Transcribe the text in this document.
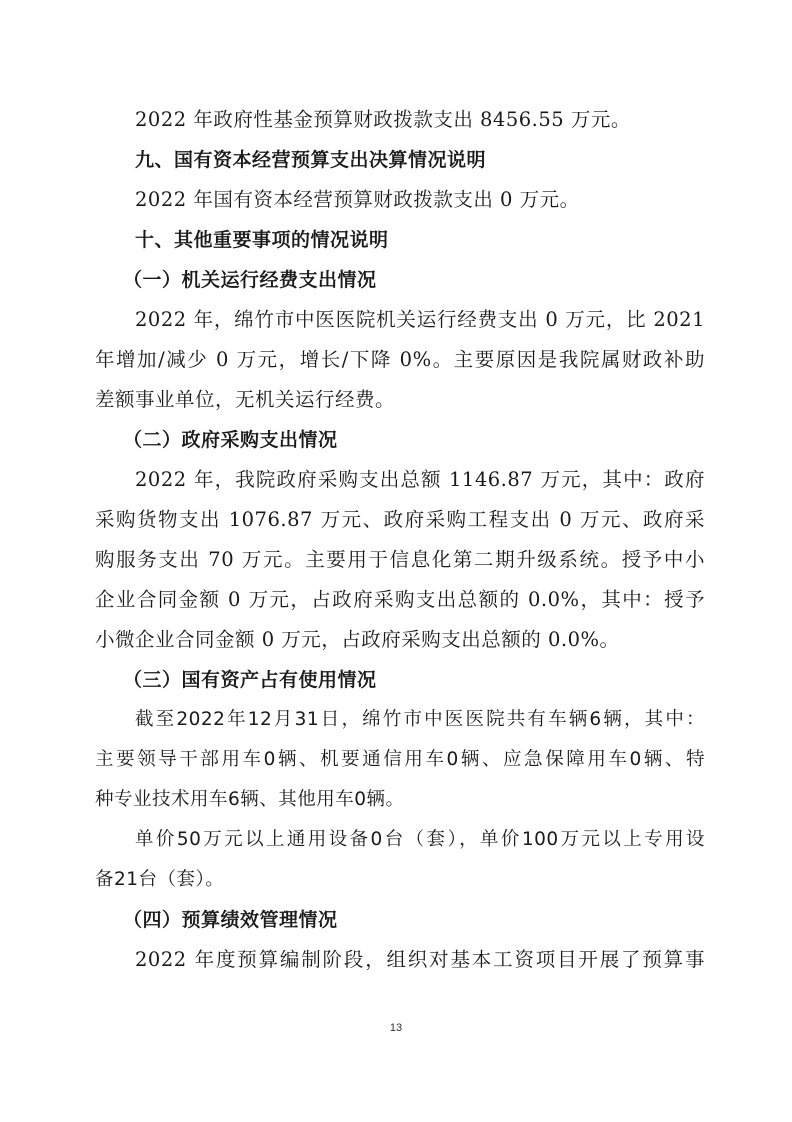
2022 年政府性基金预算财政拨款支出 8456.55 万元。
九、国有资本经营预算支出决算情况说明
2022 年国有资本经营预算财政拨款支出 0 万元。
十、其他重要事项的情况说明
（一）机关运行经费支出情况
2022 年，绵竹市中医医院机关运行经费支出 0 万元，比 2021
年增加/减少 0 万元，增长/下降 0%。主要原因是我院属财政补助
差额事业单位，无机关运行经费。
（二）政府采购支出情况
2022 年，我院政府采购支出总额 1146.87 万元，其中：政府
采购货物支出 1076.87 万元、政府采购工程支出 0 万元、政府采
购服务支出 70 万元。主要用于信息化第二期升级系统。授予中小
企业合同金额 0 万元，占政府采购支出总额的 0.0%，其中：授予
小微企业合同金额 0 万元，占政府采购支出总额的 0.0%。
（三）国有资产占有使用情况
截至2022年12月31日，绵竹市中医医院共有车辆6辆，其中：
主要领导干部用车0辆、机要通信用车0辆、应急保障用车0辆、特
种专业技术用车6辆、其他用车0辆。
单价50万元以上通用设备0台（套），单价100万元以上专用设
备21台（套）。
（四）预算绩效管理情况
2022 年度预算编制阶段，组织对基本工资项目开展了预算事
13
